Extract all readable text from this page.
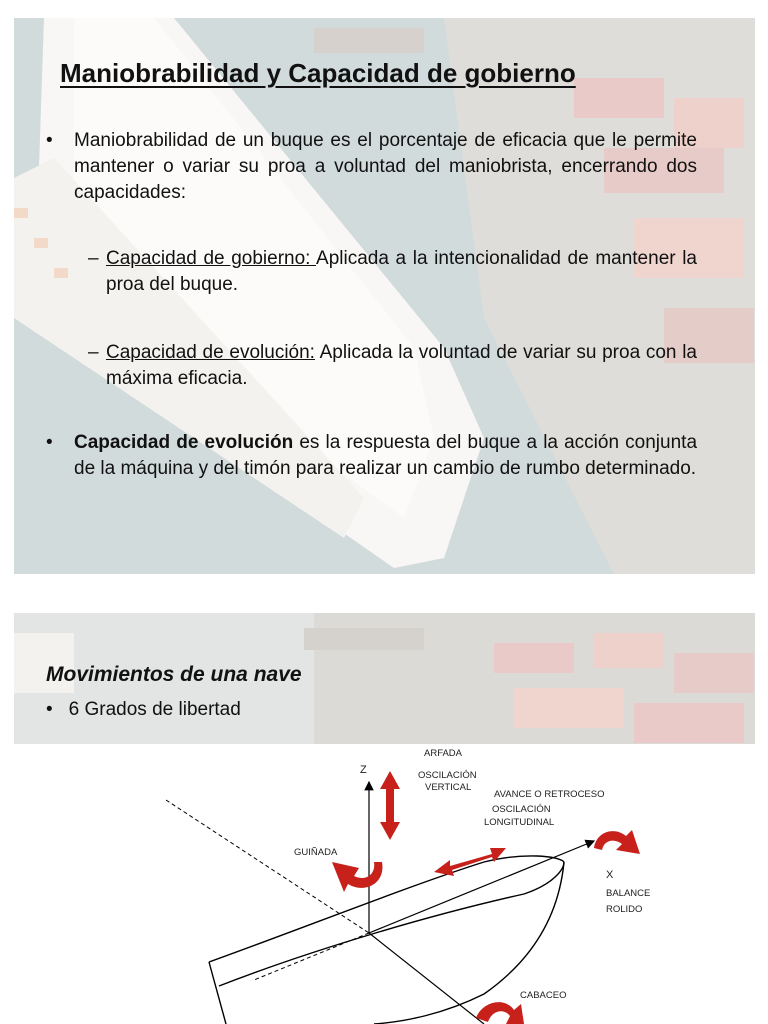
Maniobrabilidad y Capacidad de gobierno
• Maniobrabilidad de un buque es el porcentaje de eficacia que le permite mantener o variar su proa a voluntad del maniobrista, encerrando dos capacidades:
– Capacidad de gobierno: Aplicada a la intencionalidad de mantener la proa del buque.
– Capacidad de evolución: Aplicada la voluntad de variar su proa con la máxima eficacia.
• Capacidad de evolución es la respuesta del buque a la acción conjunta de la máquina y del timón para realizar un cambio de rumbo determinado.
Movimientos de una nave
• 6 Grados de libertad
ARFADA
OSCILACIÓN
VERTICAL
AVANCE O RETROCESO
OSCILACIÓN
LONGITUDINAL
GUIÑADA
BALANCE
ROLIDO
CABACEO
Z
X
